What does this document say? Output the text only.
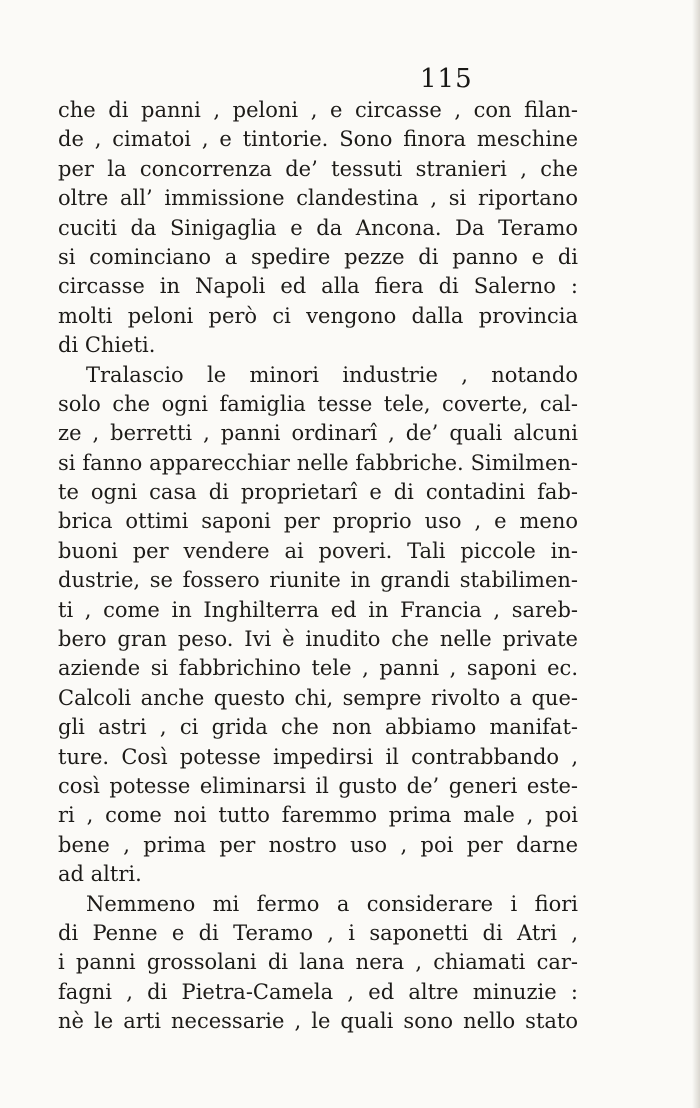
115
che di panni , peloni , e circasse , con filan-
de , cimatoi , e tintorie. Sono finora meschine
per la concorrenza de’ tessuti stranieri , che
oltre all’ immissione clandestina , si riportano
cuciti da Sinigaglia e da Ancona. Da Teramo
si cominciano a spedire pezze di panno e di
circasse in Napoli ed alla fiera di Salerno :
molti peloni però ci vengono dalla provincia
di Chieti.
Tralascio le minori industrie , notando
solo che ogni famiglia tesse tele, coverte, cal-
ze , berretti , panni ordinarî , de’ quali alcuni
si fanno apparecchiar nelle fabbriche. Similmen-
te ogni casa di proprietarî e di contadini fab-
brica ottimi saponi per proprio uso , e meno
buoni per vendere ai poveri. Tali piccole in-
dustrie, se fossero riunite in grandi stabilimen-
ti , come in Inghilterra ed in Francia , sareb-
bero gran peso. Ivi è inudito che nelle private
aziende si fabbrichino tele , panni , saponi ec.
Calcoli anche questo chi, sempre rivolto a que-
gli astri , ci grida che non abbiamo manifat-
ture. Così potesse impedirsi il contrabbando ,
così potesse eliminarsi il gusto de’ generi este-
ri , come noi tutto faremmo prima male , poi
bene , prima per nostro uso , poi per darne
ad altri.
Nemmeno mi fermo a considerare i fiori
di Penne e di Teramo , i saponetti di Atri ,
i panni grossolani di lana nera , chiamati car-
fagni , di Pietra-Camela , ed altre minuzie :
nè le arti necessarie , le quali sono nello stato
